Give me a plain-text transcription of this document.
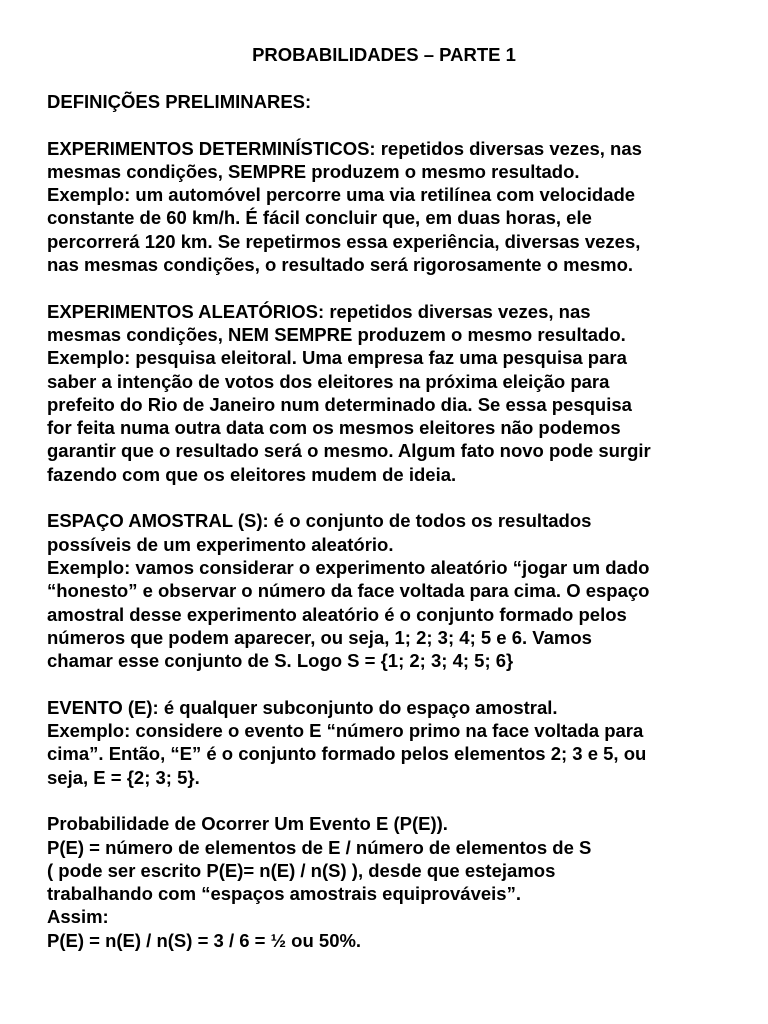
PROBABILIDADES – PARTE 1

DEFINIÇÕES PRELIMINARES:

EXPERIMENTOS DETERMINÍSTICOS: repetidos diversas vezes, nas
mesmas condições, SEMPRE produzem o mesmo resultado.
Exemplo: um automóvel percorre uma via retilínea com velocidade
constante de 60 km/h. É fácil concluir que, em duas horas, ele
percorrerá 120 km. Se repetirmos essa experiência, diversas vezes,
nas mesmas condições, o resultado será rigorosamente o mesmo.
EXPERIMENTOS ALEATÓRIOS: repetidos diversas vezes, nas
mesmas condições, NEM SEMPRE produzem o mesmo resultado.
Exemplo: pesquisa eleitoral. Uma empresa faz uma pesquisa para
saber a intenção de votos dos eleitores na próxima eleição para
prefeito do Rio de Janeiro num determinado dia. Se essa pesquisa
for feita numa outra data com os mesmos eleitores não podemos
garantir que o resultado será o mesmo. Algum fato novo pode surgir
fazendo com que os eleitores mudem de ideia.
ESPAÇO AMOSTRAL (S): é o conjunto de todos os resultados
possíveis de um experimento aleatório.
Exemplo: vamos considerar o experimento aleatório “jogar um dado
“honesto” e observar o número da face voltada para cima. O espaço
amostral desse experimento aleatório é o conjunto formado pelos
números que podem aparecer, ou seja, 1; 2; 3; 4; 5 e 6. Vamos
chamar esse conjunto de S. Logo S = {1; 2; 3; 4; 5; 6}
EVENTO (E): é qualquer subconjunto do espaço amostral.
Exemplo: considere o evento E “número primo na face voltada para
cima”. Então, “E” é o conjunto formado pelos elementos 2; 3 e 5, ou
seja, E = {2; 3; 5}.
Probabilidade de Ocorrer Um Evento E (P(E)).
P(E) = número de elementos de E / número de elementos de S
( pode ser escrito P(E)= n(E) / n(S) ), desde que estejamos
trabalhando com “espaços amostrais equiprováveis”.
Assim:
P(E) = n(E) / n(S) = 3 / 6 = ½ ou 50%.
